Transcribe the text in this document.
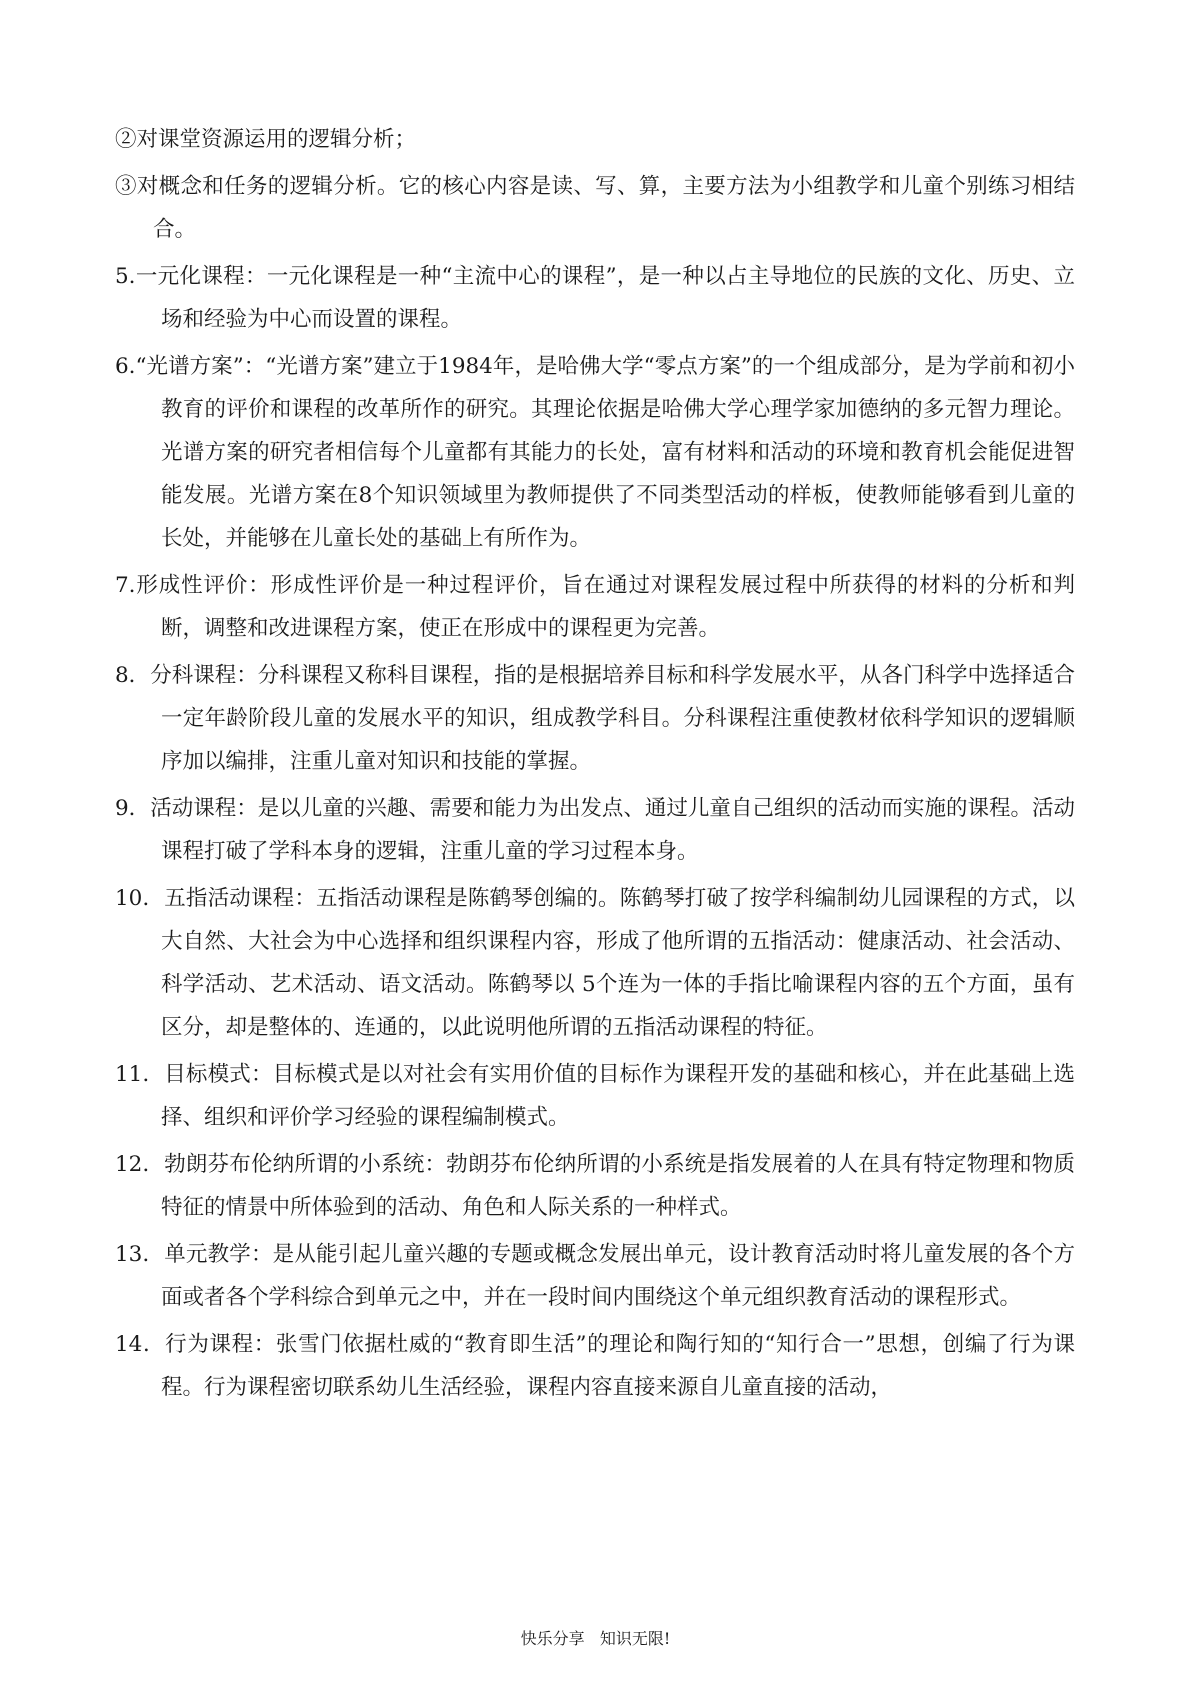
②对课堂资源运用的逻辑分析；

③对概念和任务的逻辑分析。它的核心内容是读、写、算，主要方法为小组教学和儿童个别练习相结合。

5.一元化课程：一元化课程是一种“主流中心的课程”，是一种以占主导地位的民族的文化、历史、立场和经验为中心而设置的课程。

6.“光谱方案”：“光谱方案”建立于1984年，是哈佛大学“零点方案”的一个组成部分，是为学前和初小教育的评价和课程的改革所作的研究。其理论依据是哈佛大学心理学家加德纳的多元智力理论。光谱方案的研究者相信每个儿童都有其能力的长处，富有材料和活动的环境和教育机会能促进智能发展。光谱方案在8个知识领域里为教师提供了不同类型活动的样板，使教师能够看到儿童的长处，并能够在儿童长处的基础上有所作为。

7.形成性评价：形成性评价是一种过程评价，旨在通过对课程发展过程中所获得的材料的分析和判断，调整和改进课程方案，使正在形成中的课程更为完善。

8．分科课程：分科课程又称科目课程，指的是根据培养目标和科学发展水平，从各门科学中选择适合一定年龄阶段儿童的发展水平的知识，组成教学科目。分科课程注重使教材依科学知识的逻辑顺序加以编排，注重儿童对知识和技能的掌握。

9．活动课程：是以儿童的兴趣、需要和能力为出发点、通过儿童自己组织的活动而实施的课程。活动课程打破了学科本身的逻辑，注重儿童的学习过程本身。

10．五指活动课程：五指活动课程是陈鹤琴创编的。陈鹤琴打破了按学科编制幼儿园课程的方式，以大自然、大社会为中心选择和组织课程内容，形成了他所谓的五指活动：健康活动、社会活动、科学活动、艺术活动、语文活动。陈鹤琴以 5个连为一体的手指比喻课程内容的五个方面，虽有区分，却是整体的、连通的，以此说明他所谓的五指活动课程的特征。

11．目标模式：目标模式是以对社会有实用价值的目标作为课程开发的基础和核心，并在此基础上选择、组织和评价学习经验的课程编制模式。

12．勃朗芬布伦纳所谓的小系统：勃朗芬布伦纳所谓的小系统是指发展着的人在具有特定物理和物质特征的情景中所体验到的活动、角色和人际关系的一种样式。

13．单元教学：是从能引起儿童兴趣的专题或概念发展出单元，设计教育活动时将儿童发展的各个方面或者各个学科综合到单元之中，并在一段时间内围绕这个单元组织教育活动的课程形式。

14．行为课程：张雪门依据杜威的“教育即生活”的理论和陶行知的“知行合一”思想，创编了行为课程。行为课程密切联系幼儿生活经验，课程内容直接来源自儿童直接的活动，

快乐分享   知识无限!
